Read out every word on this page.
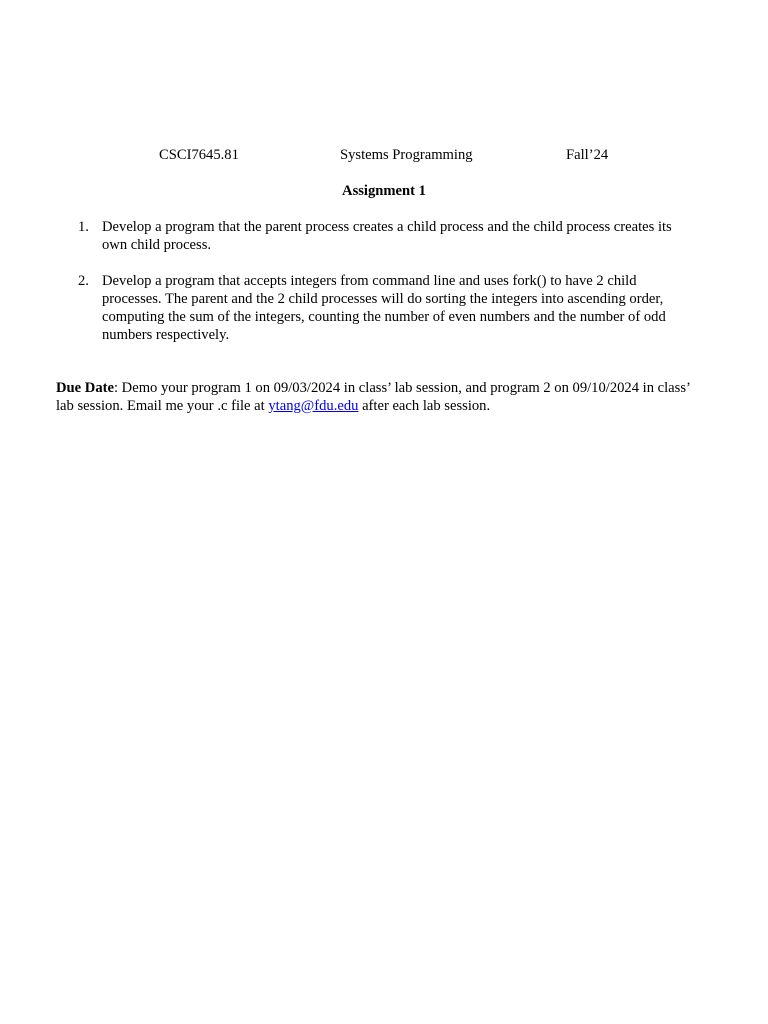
CSCI7645.81	Systems Programming	Fall’24
Assignment 1
1. Develop a program that the parent process creates a child process and the child process creates its own child process.
2. Develop a program that accepts integers from command line and uses fork() to have 2 child processes. The parent and the 2 child processes will do sorting the integers into ascending order, computing the sum of the integers, counting the number of even numbers and the number of odd numbers respectively.
Due Date: Demo your program 1 on 09/03/2024 in class’ lab session, and program 2 on 09/10/2024 in class’ lab session. Email me your .c file at ytang@fdu.edu after each lab session.
